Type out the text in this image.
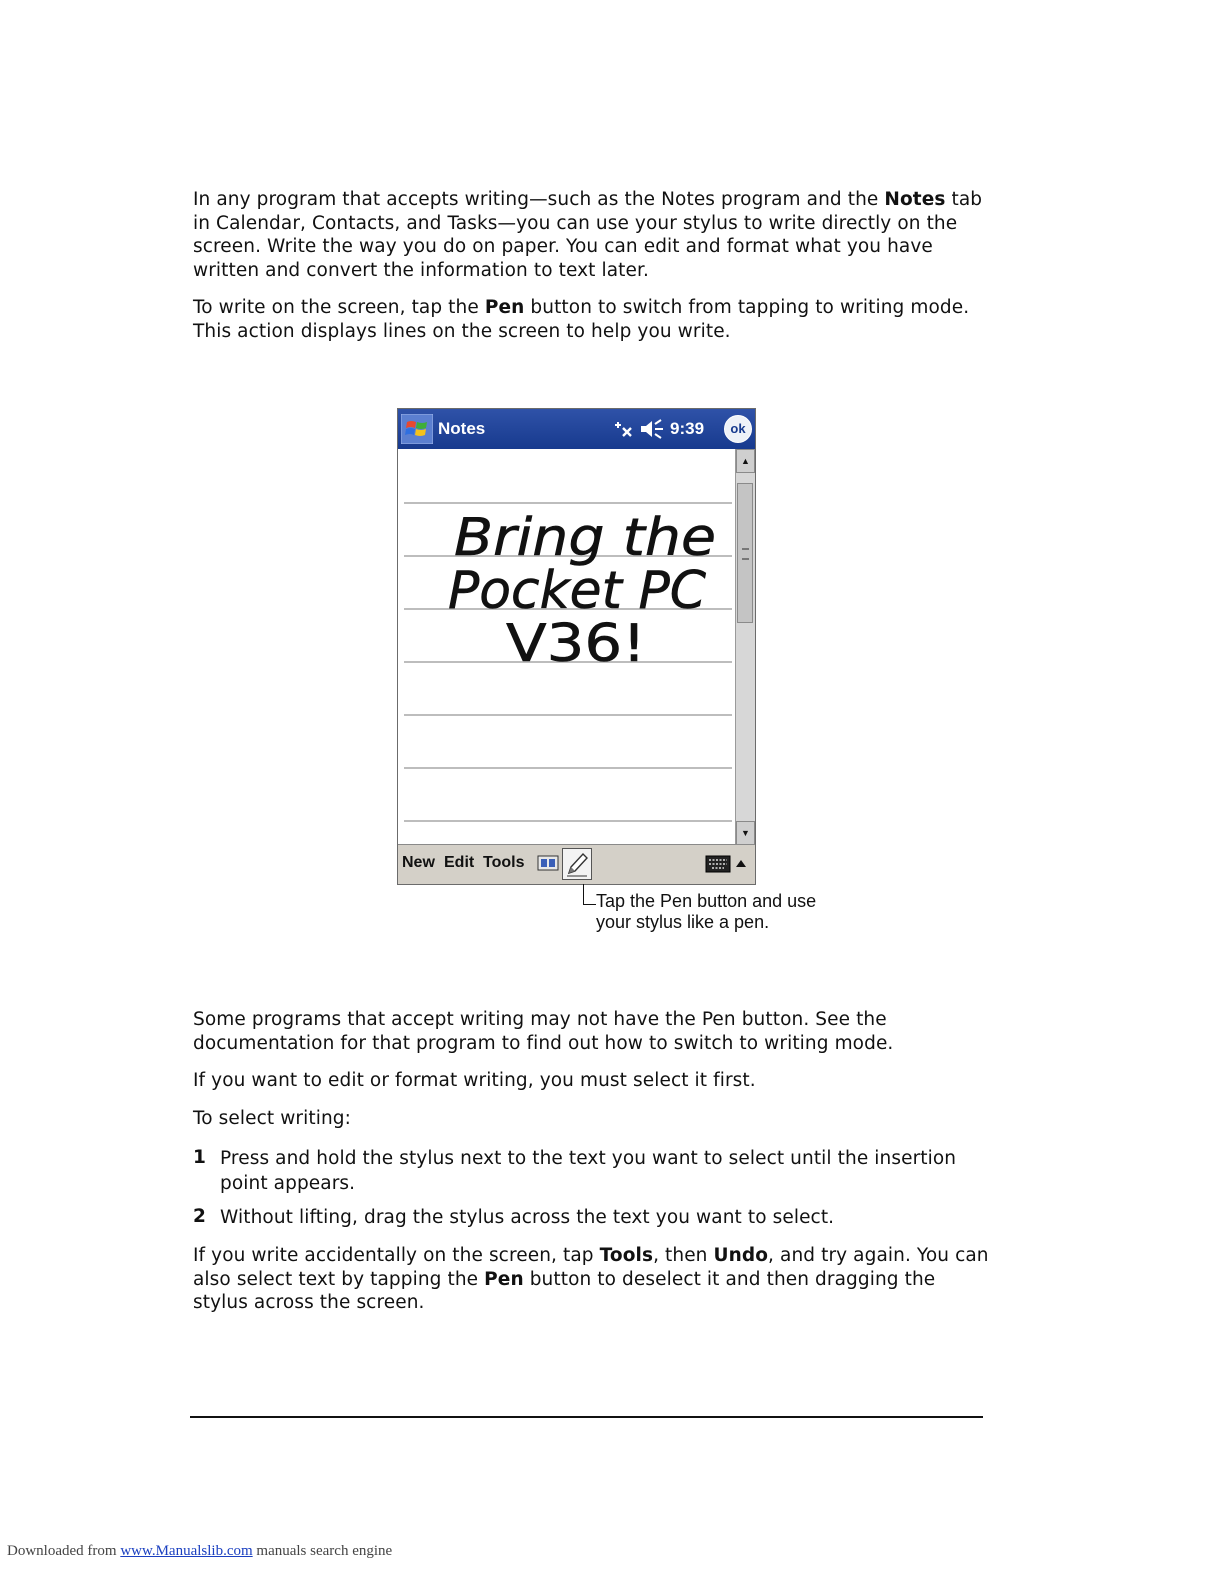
In any program that accepts writing—such as the Notes program and the Notes tab in Calendar, Contacts, and Tasks—you can use your stylus to write directly on the screen. Write the way you do on paper. You can edit and format what you have written and convert the information to text later.

To write on the screen, tap the Pen button to switch from tapping to writing mode. This action displays lines on the screen to help you write.

Notes	9:39	ok
Bring the
Pocket PC
V36!
▲
▼
New Edit Tools
Tap the Pen button and use
your stylus like a pen.

Some programs that accept writing may not have the Pen button. See the documentation for that program to find out how to switch to writing mode.

If you want to edit or format writing, you must select it first.

To select writing:

1 Press and hold the stylus next to the text you want to select until the insertion point appears.
2 Without lifting, drag the stylus across the text you want to select.

If you write accidentally on the screen, tap Tools, then Undo, and try again. You can also select text by tapping the Pen button to deselect it and then dragging the stylus across the screen.

Downloaded from www.Manualslib.com manuals search engine
